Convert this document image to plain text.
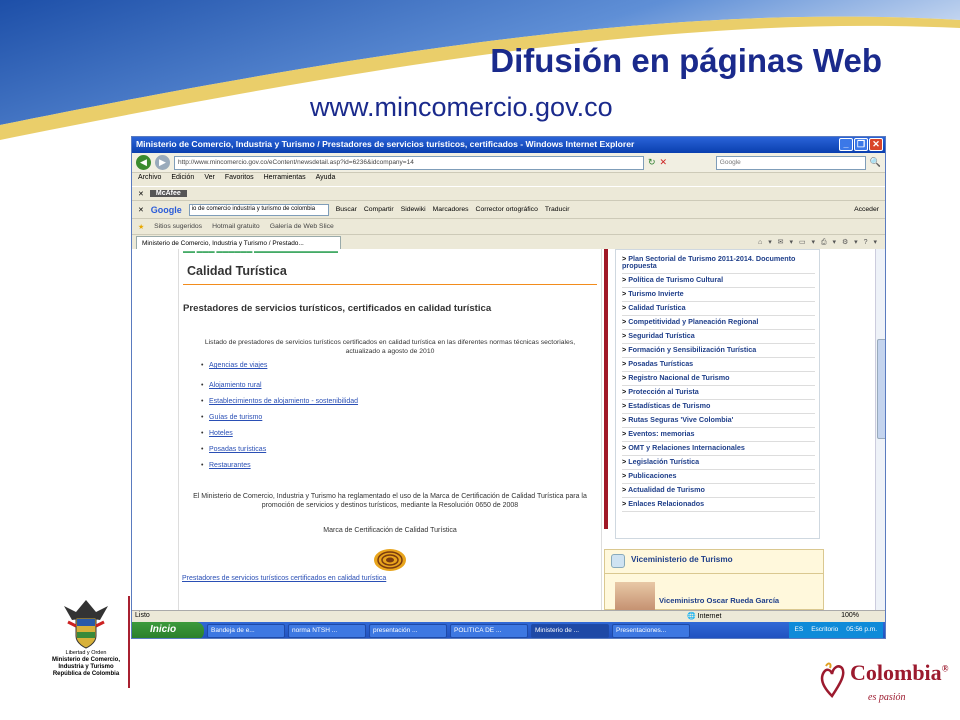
Difusión en páginas Web
www.mincomercio.gov.co
Ministerio de Comercio, Industria y Turismo / Prestadores de servicios turísticos, certificados - Windows Internet Explorer	_ ❐ ✕
◀	▶	http://www.mincomercio.gov.co/eContent/newsdetail.asp?id=6236&idcompany=14	↻ ✕	Google	🔍
Archivo Edición Ver Favoritos Herramientas Ayuda
✕	McAfee
✕ Google	io de comercio industria y turismo de colombia	Buscar Compartir Sidewiki Marcadores Corrector ortográfico Traducir	Acceder
★ Sitios sugeridos Hotmail gratuito Galería de Web Slice
Ministerio de Comercio, Industria y Turismo / Prestado...	⌂ ▾ ✉ ▾ ▭ ▾ ⎙ ▾ ⚙ ▾ ? ▾
▬▬ ▬▬▬ ▬▬▬▬▬▬ ▬▬▬▬▬▬▬▬▬▬▬▬▬▬
Calidad Turística
Prestadores de servicios turísticos, certificados en calidad turística
Listado de prestadores de servicios turísticos certificados en calidad turística en las diferentes normas técnicas sectoriales, actualizado a agosto de 2010
• Agencias de viajes
• Alojamiento rural
• Establecimientos de alojamiento - sostenibilidad
• Guías de turismo
• Hoteles
• Posadas turísticas
• Restaurantes
El Ministerio de Comercio, Industria y Turismo ha reglamentado el uso de la Marca de Certificación de Calidad Turística para la promoción de servicios y destinos turísticos, mediante la Resolución 0650 de 2008
Marca de Certificación de Calidad Turística
Prestadores de servicios turísticos certificados en calidad turística
> Plan Sectorial de Turismo 2011-2014. Documento propuesta
> Política de Turismo Cultural
> Turismo Invierte
> Calidad Turística
> Competitividad y Planeación Regional
> Seguridad Turística
> Formación y Sensibilización Turística
> Posadas Turísticas
> Registro Nacional de Turismo
> Protección al Turista
> Estadísticas de Turismo
> Rutas Seguras 'Vive Colombia'
> Eventos: memorias
> OMT y Relaciones Internacionales
> Legislación Turística
> Publicaciones
> Actualidad de Turismo
> Enlaces Relacionados
Viceministerio de Turismo
Viceministro Oscar Rueda García
Listo	🌐 Internet	100%
Inicio	Bandeja de e...	norma NTSH ...	presentación ...	POLITICA DE ...	Ministerio de ...	Presentaciones...	ES Escritorio 05:56 p.m.
Libertad y Orden
Ministerio de Comercio,
Industria y Turismo
República de Colombia	Colombia®
es pasión
